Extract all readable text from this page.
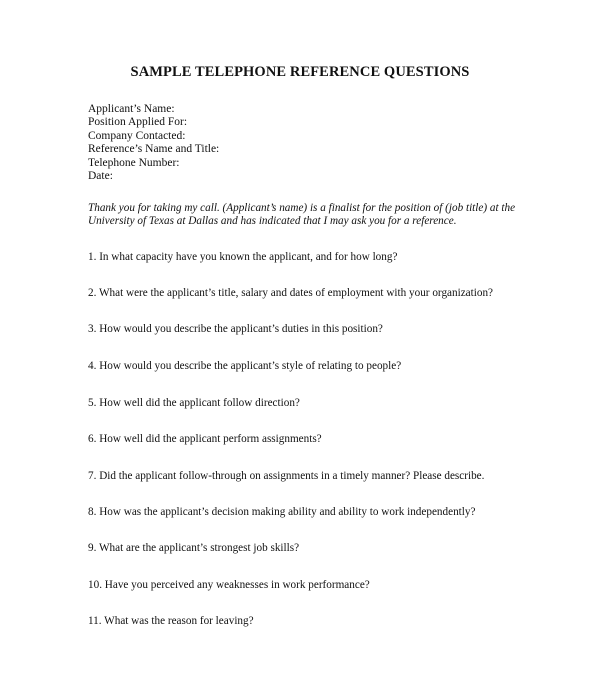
SAMPLE TELEPHONE REFERENCE QUESTIONS
Applicant’s Name:
Position Applied For:
Company Contacted:
Reference’s Name and Title:
Telephone Number:
Date:
Thank you for taking my call. (Applicant’s name) is a finalist for the position of (job title) at the
University of Texas at Dallas and has indicated that I may ask you for a reference.
1. In what capacity have you known the applicant, and for how long?
2. What were the applicant’s title, salary and dates of employment with your organization?
3. How would you describe the applicant’s duties in this position?
4. How would you describe the applicant’s style of relating to people?
5. How well did the applicant follow direction?
6. How well did the applicant perform assignments?
7. Did the applicant follow-through on assignments in a timely manner? Please describe.
8. How was the applicant’s decision making ability and ability to work independently?
9. What are the applicant’s strongest job skills?
10. Have you perceived any weaknesses in work performance?
11. What was the reason for leaving?
